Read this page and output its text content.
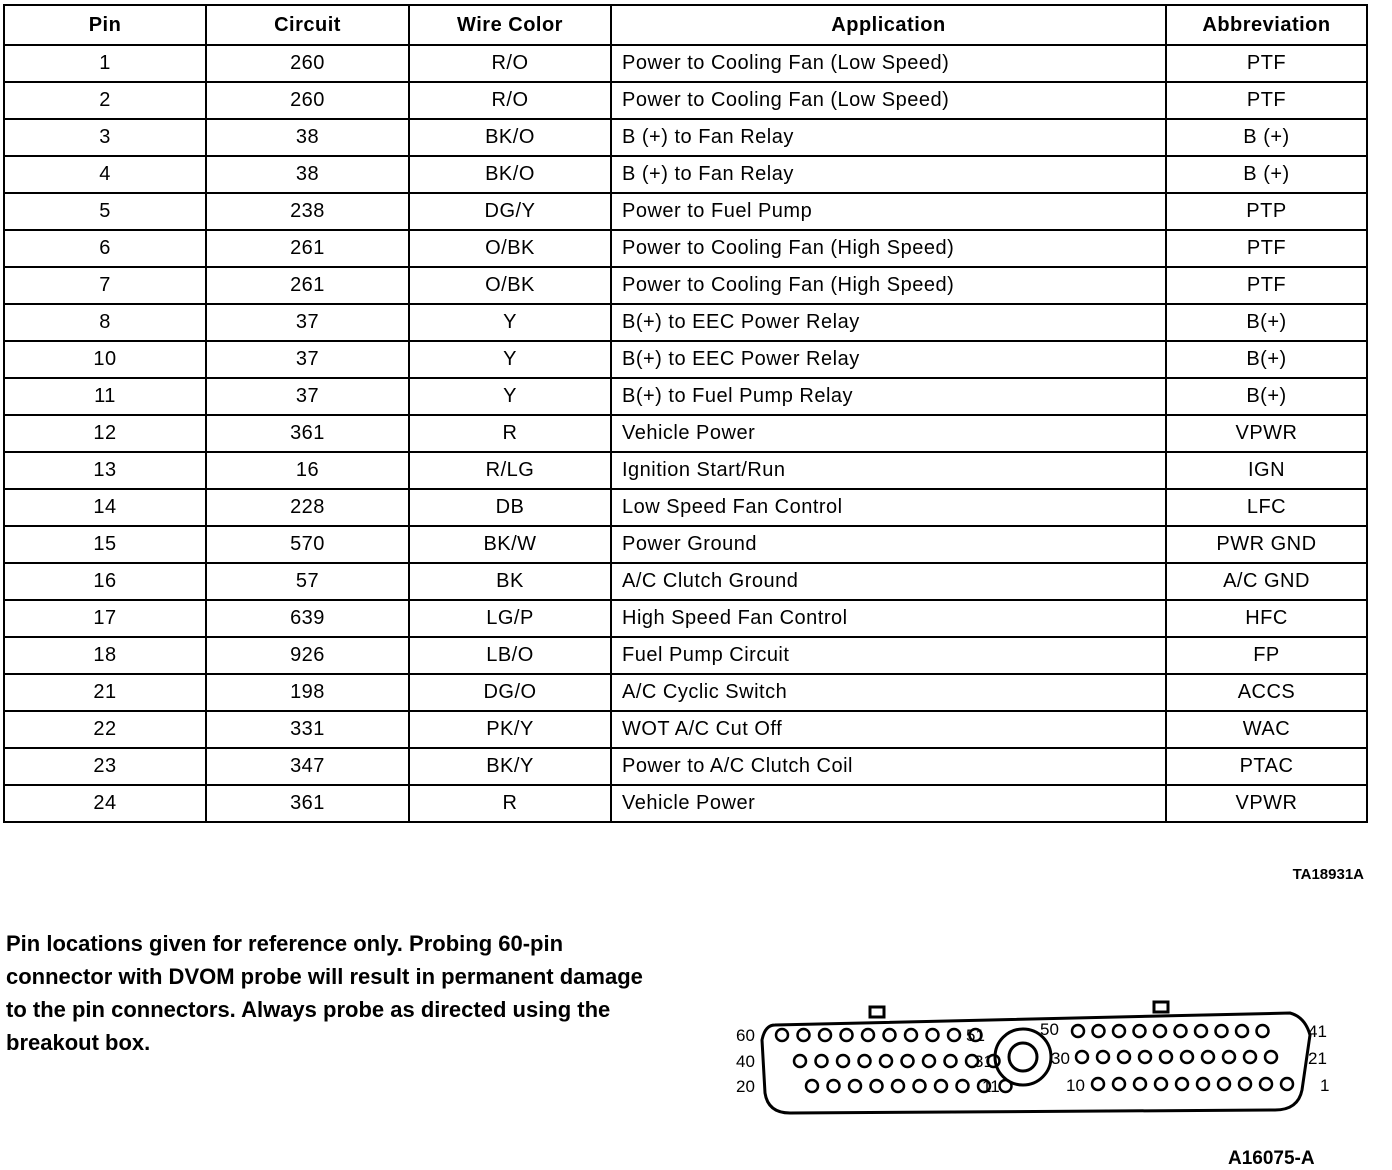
Pin	Circuit	Wire Color	Application	Abbreviation
1	260	R/O	Power to Cooling Fan (Low Speed)	PTF
2	260	R/O	Power to Cooling Fan (Low Speed)	PTF
3	38	BK/O	B (+) to Fan Relay	B (+)
4	38	BK/O	B (+) to Fan Relay	B (+)
5	238	DG/Y	Power to Fuel Pump	PTP
6	261	O/BK	Power to Cooling Fan (High Speed)	PTF
7	261	O/BK	Power to Cooling Fan (High Speed)	PTF
8	37	Y	B(+) to EEC Power Relay	B(+)
10	37	Y	B(+) to EEC Power Relay	B(+)
11	37	Y	B(+) to Fuel Pump Relay	B(+)
12	361	R	Vehicle Power	VPWR
13	16	R/LG	Ignition Start/Run	IGN
14	228	DB	Low Speed Fan Control	LFC
15	570	BK/W	Power Ground	PWR GND
16	57	BK	A/C Clutch Ground	A/C GND
17	639	LG/P	High Speed Fan Control	HFC
18	926	LB/O	Fuel Pump Circuit	FP
21	198	DG/O	A/C Cyclic Switch	ACCS
22	331	PK/Y	WOT A/C Cut Off	WAC
23	347	BK/Y	Power to A/C Clutch Coil	PTAC
24	361	R	Vehicle Power	VPWR
TA18931A
Pin locations given for reference only. Probing 60-pin connector with DVOM probe will result in permanent damage to the pin connectors. Always probe as directed using the breakout box.	60
40
20
51
31
11
50
30
10
41
21
1
A16075-A
